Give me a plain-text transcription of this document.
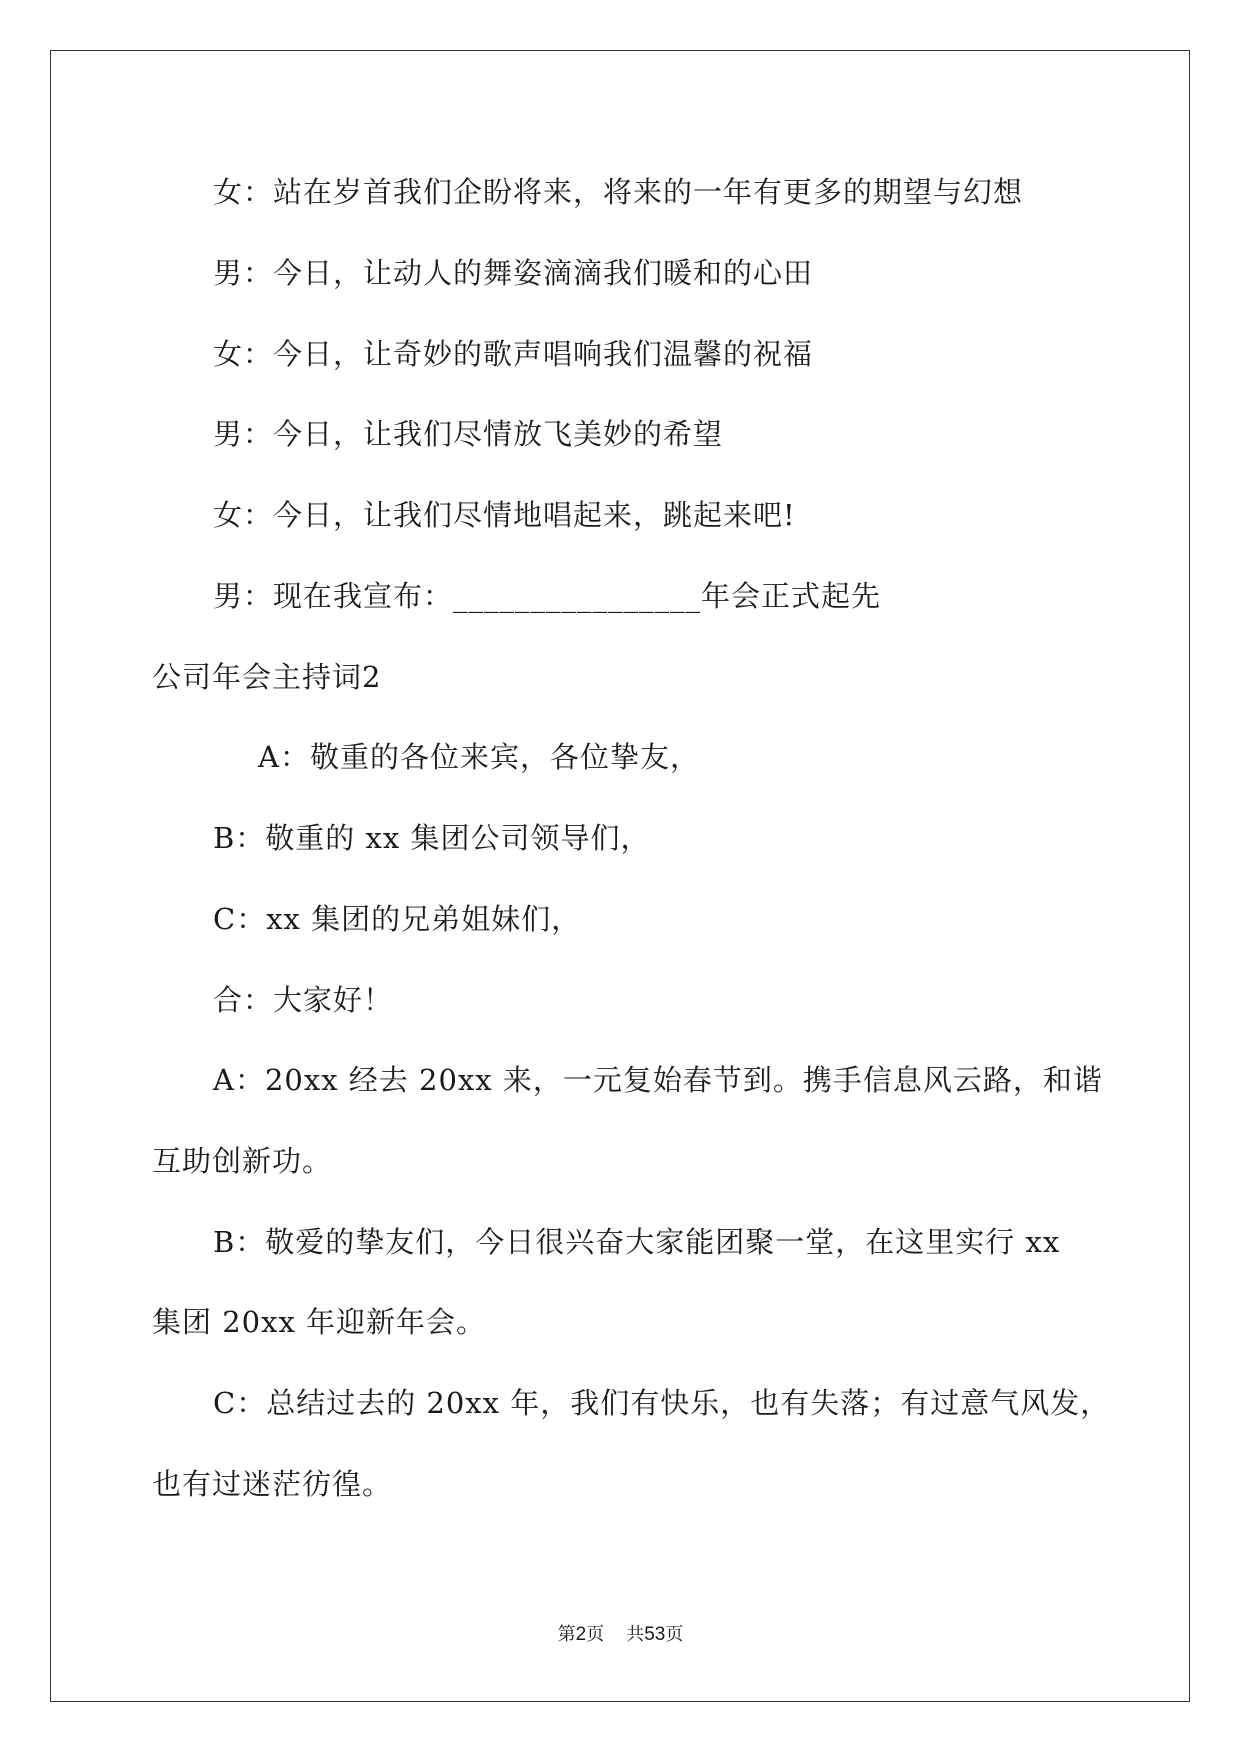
女：站在岁首我们企盼将来，将来的一年有更多的期望与幻想
男：今日，让动人的舞姿滴滴我们暖和的心田
女：今日，让奇妙的歌声唱响我们温馨的祝福
男：今日，让我们尽情放飞美妙的希望
女：今日，让我们尽情地唱起来，跳起来吧!
男：现在我宣布：________________年会正式起先
公司年会主持词2
A：敬重的各位来宾，各位挚友，
B：敬重的 xx 集团公司领导们，
C：xx 集团的兄弟姐妹们，
合：大家好！
A：20xx 经去 20xx 来，一元复始春节到。携手信息风云路，和谐
互助创新功。
B：敬爱的挚友们，今日很兴奋大家能团聚一堂，在这里实行 xx
集团 20xx 年迎新年会。
C：总结过去的 20xx 年，我们有快乐，也有失落；有过意气风发，
也有过迷茫彷徨。
第2页 共53页
